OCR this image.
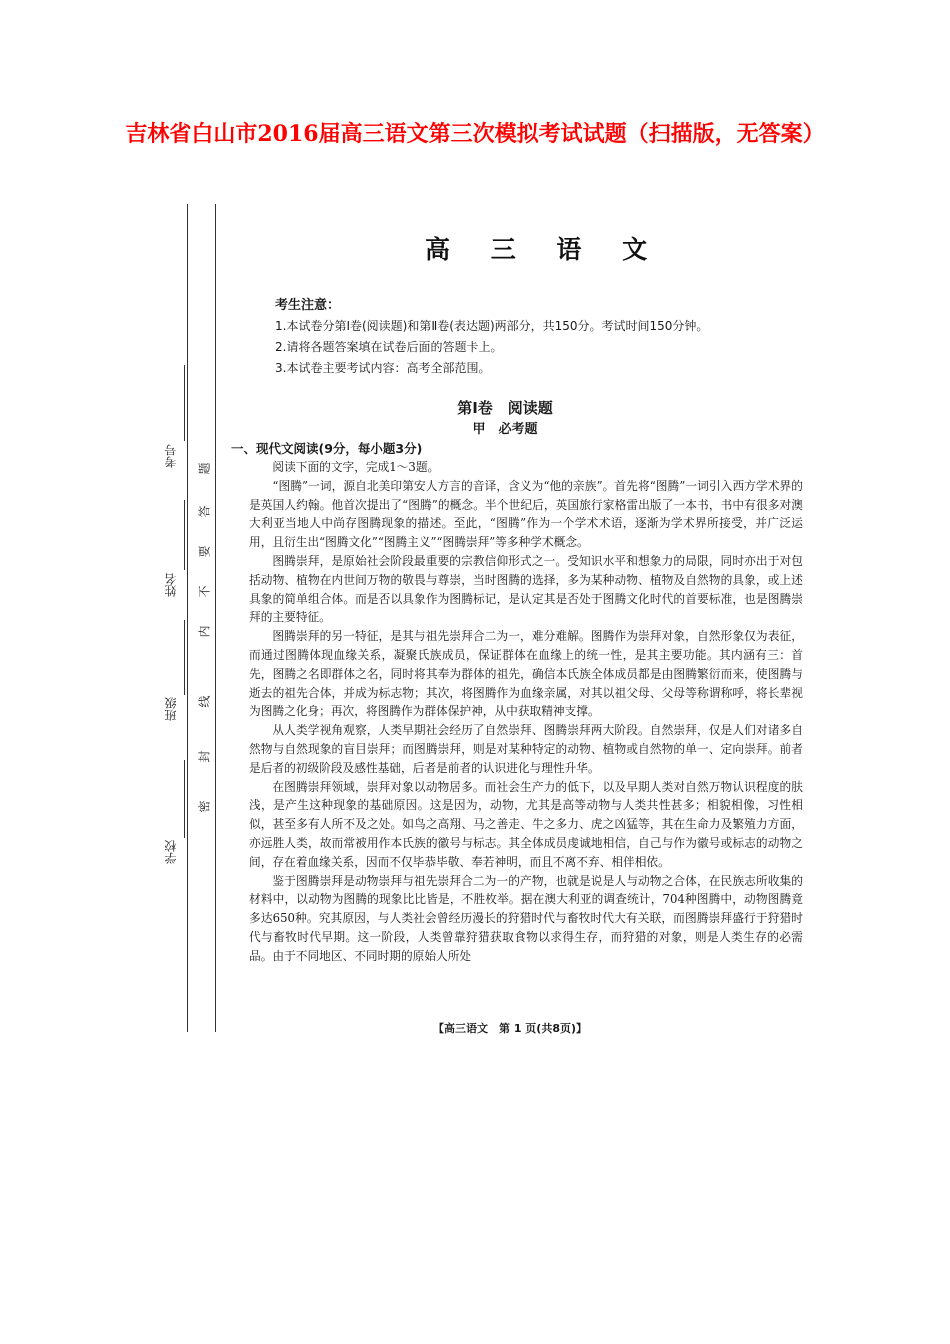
吉林省白山市2016届高三语文第三次模拟考试试题（扫描版，无答案）
学校
班级
姓名
考号
密
封
线
内
不
要
答
题
高 三 语 文
考生注意：
1.本试卷分第Ⅰ卷(阅读题)和第Ⅱ卷(表达题)两部分，共150分。考试时间150分钟。
2.请将各题答案填在试卷后面的答题卡上。
3.本试卷主要考试内容：高考全部范围。
第Ⅰ卷　阅读题
甲　必考题
一、现代文阅读(9分，每小题3分)

阅读下面的文字，完成1～3题。

“图腾”一词，源自北美印第安人方言的音译，含义为“他的亲族”。首先将“图腾”一词引入西方学术界的是英国人约翰。他首次提出了“图腾”的概念。半个世纪后，英国旅行家格雷出版了一本书，书中有很多对澳大利亚当地人中尚存图腾现象的描述。至此，“图腾”作为一个学术术语，逐渐为学术界所接受，并广泛运用，且衍生出“图腾文化”“图腾主义”“图腾崇拜”等多种学术概念。

图腾崇拜，是原始社会阶段最重要的宗教信仰形式之一。受知识水平和想象力的局限，同时亦出于对包括动物、植物在内世间万物的敬畏与尊崇，当时图腾的选择，多为某种动物、植物及自然物的具象，或上述具象的简单组合体。而是否以具象作为图腾标记，是认定其是否处于图腾文化时代的首要标准，也是图腾崇拜的主要特征。

图腾崇拜的另一特征，是其与祖先崇拜合二为一，难分难解。图腾作为崇拜对象，自然形象仅为表征，而通过图腾体现血缘关系，凝聚氏族成员，保证群体在血缘上的统一性，是其主要功能。其内涵有三：首先，图腾之名即群体之名，同时将其奉为群体的祖先，确信本氏族全体成员都是由图腾繁衍而来，使图腾与逝去的祖先合体，并成为标志物；其次，将图腾作为血缘亲属，对其以祖父母、父母等称谓称呼，将长辈视为图腾之化身；再次，将图腾作为群体保护神，从中获取精神支撑。

从人类学视角观察，人类早期社会经历了自然崇拜、图腾崇拜两大阶段。自然崇拜，仅是人们对诸多自然物与自然现象的盲目崇拜；而图腾崇拜，则是对某种特定的动物、植物或自然物的单一、定向崇拜。前者是后者的初级阶段及感性基础，后者是前者的认识进化与理性升华。

在图腾崇拜领域，崇拜对象以动物居多。而社会生产力的低下，以及早期人类对自然万物认识程度的肤浅，是产生这种现象的基础原因。这是因为，动物，尤其是高等动物与人类共性甚多；相貌相像，习性相似，甚至多有人所不及之处。如鸟之高翔、马之善走、牛之多力、虎之凶猛等，其在生命力及繁殖力方面，亦远胜人类，故而常被用作本氏族的徽号与标志。其全体成员虔诚地相信，自己与作为徽号或标志的动物之间，存在着血缘关系，因而不仅毕恭毕敬、奉若神明，而且不离不弃、相伴相依。

鉴于图腾崇拜是动物崇拜与祖先崇拜合二为一的产物，也就是说是人与动物之合体，在民族志所收集的材料中，以动物为图腾的现象比比皆是，不胜枚举。据在澳大利亚的调查统计，704种图腾中，动物图腾竟多达650种。究其原因，与人类社会曾经历漫长的狩猎时代与畜牧时代大有关联，而图腾崇拜盛行于狩猎时代与畜牧时代早期。这一阶段，人类曾靠狩猎获取食物以求得生存，而狩猎的对象，则是人类生存的必需品。由于不同地区、不同时期的原始人所处

【高三语文　第 1 页(共8页)】
